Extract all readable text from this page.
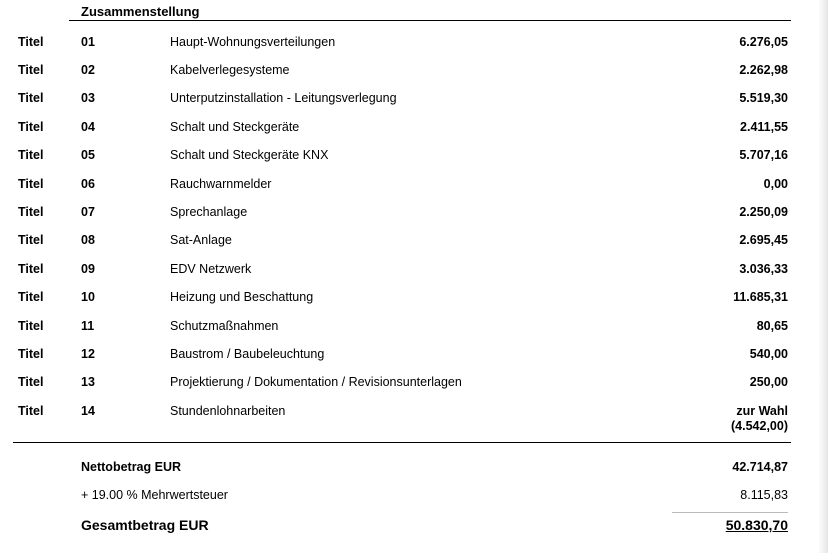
Zusammenstellung
Titel	01	Haupt-Wohnungsverteilungen	6.276,05
Titel	02	Kabelverlegesysteme	2.262,98
Titel	03	Unterputzinstallation - Leitungsverlegung	5.519,30
Titel	04	Schalt und Steckgeräte	2.411,55
Titel	05	Schalt und Steckgeräte KNX	5.707,16
Titel	06	Rauchwarnmelder	0,00
Titel	07	Sprechanlage	2.250,09
Titel	08	Sat-Anlage	2.695,45
Titel	09	EDV Netzwerk	3.036,33
Titel	10	Heizung und Beschattung	11.685,31
Titel	11	Schutzmaßnahmen	80,65
Titel	12	Baustrom / Baubeleuchtung	540,00
Titel	13	Projektierung / Dokumentation / Revisionsunterlagen	250,00
Titel	14	Stundenlohnarbeiten	zur Wahl
(4.542,00)
Nettobetrag EUR	42.714,87
+ 19.00 % Mehrwertsteuer	8.115,83
Gesamtbetrag EUR	50.830,70
